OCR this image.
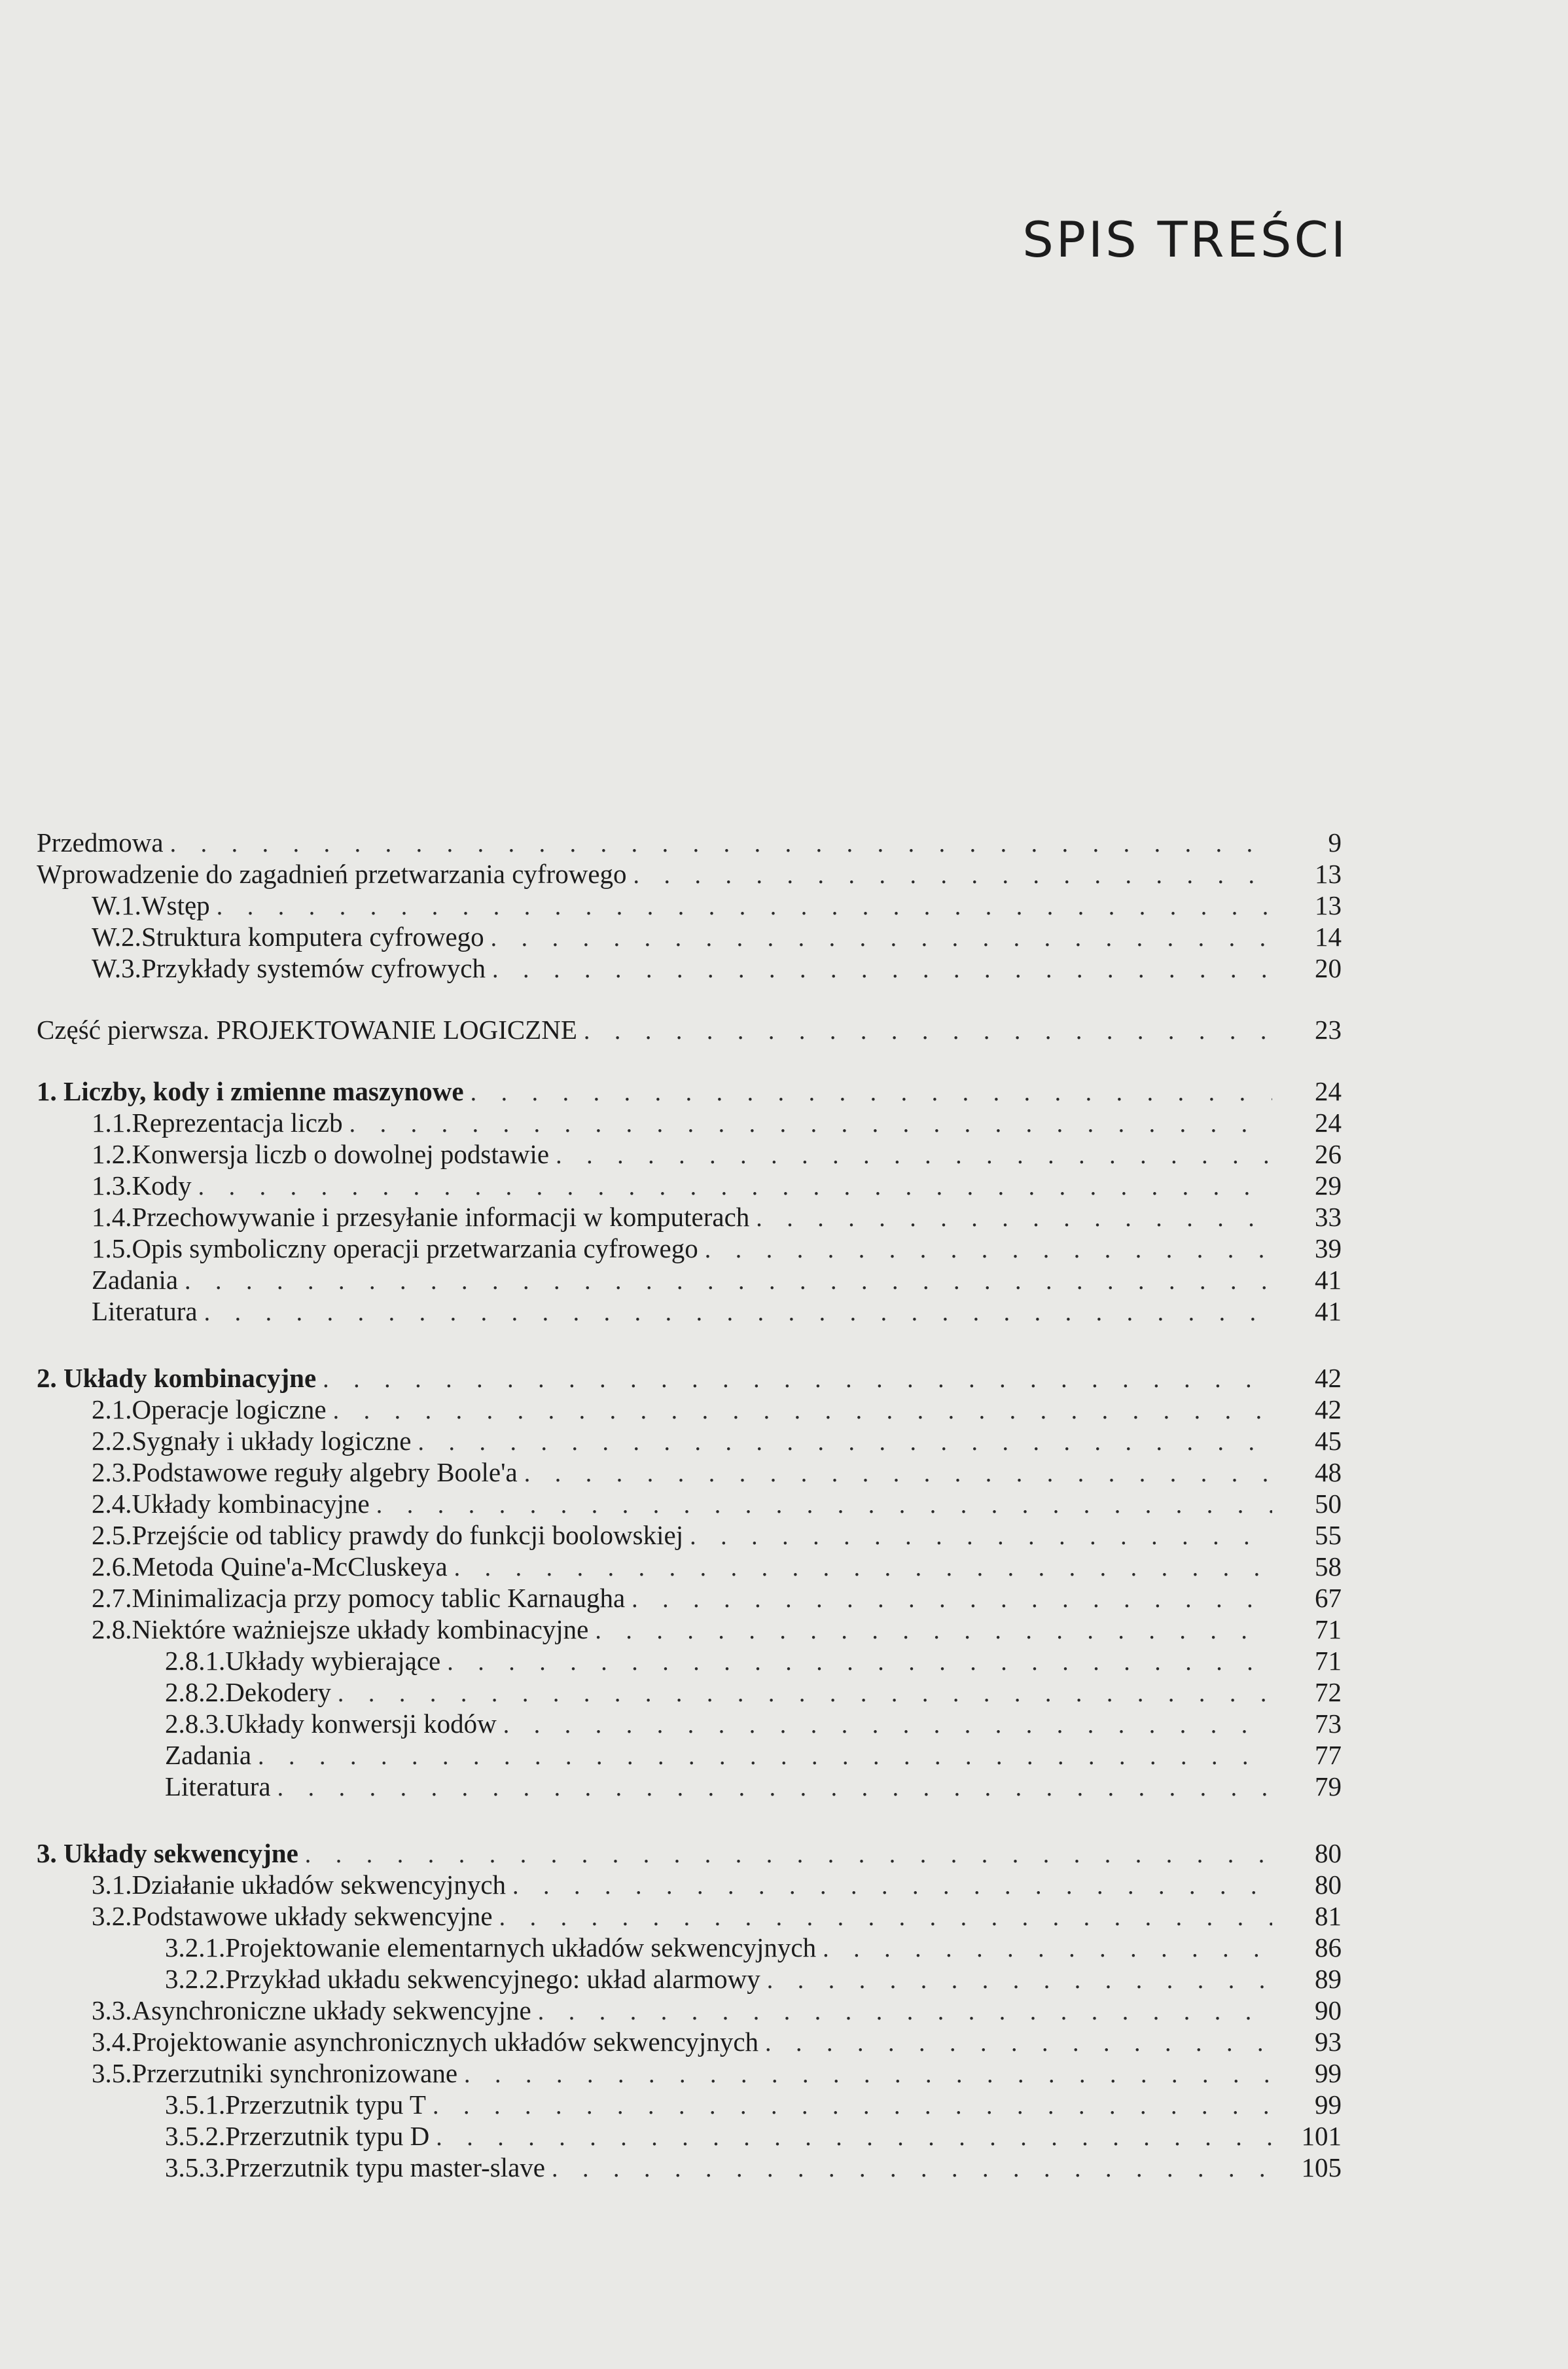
SPIS TREŚCI
Przedmowa . . .	9
Wprowadzenie do zagadnień przetwarzania cyfrowego . . .	13
W.1. Wstęp . . .	13
W.2. Struktura komputera cyfrowego . . .	14
W.3. Przykłady systemów cyfrowych . . .	20
Część pierwsza. PROJEKTOWANIE LOGICZNE . . .	23
1. Liczby, kody i zmienne maszynowe . . .	24
1.1. Reprezentacja liczb . . .	24
1.2. Konwersja liczb o dowolnej podstawie . . .	26
1.3. Kody . . .	29
1.4. Przechowywanie i przesyłanie informacji w komputerach . . .	33
1.5. Opis symboliczny operacji przetwarzania cyfrowego . . .	39
Zadania . . .	41
Literatura . . .	41
2. Układy kombinacyjne . . .	42
2.1. Operacje logiczne . . .	42
2.2. Sygnały i układy logiczne . . .	45
2.3. Podstawowe reguły algebry Boole'a . . .	48
2.4. Układy kombinacyjne . . .	50
2.5. Przejście od tablicy prawdy do funkcji boolowskiej . . .	55
2.6. Metoda Quine'a-McCluskeya . . .	58
2.7. Minimalizacja przy pomocy tablic Karnaugha . . .	67
2.8. Niektóre ważniejsze układy kombinacyjne . . .	71
2.8.1. Układy wybierające . . .	71
2.8.2. Dekodery . . .	72
2.8.3. Układy konwersji kodów . . .	73
Zadania . . .	77
Literatura . . .	79
3. Układy sekwencyjne . . .	80
3.1. Działanie układów sekwencyjnych . . .	80
3.2. Podstawowe układy sekwencyjne . . .	81
3.2.1. Projektowanie elementarnych układów sekwencyjnych . . .	86
3.2.2. Przykład układu sekwencyjnego: układ alarmowy . . .	89
3.3. Asynchroniczne układy sekwencyjne . . .	90
3.4. Projektowanie asynchronicznych układów sekwencyjnych . . .	93
3.5. Przerzutniki synchronizowane . . .	99
3.5.1. Przerzutnik typu T . . .	99
3.5.2. Przerzutnik typu D . . .	101
3.5.3. Przerzutnik typu master-slave . . .	105
